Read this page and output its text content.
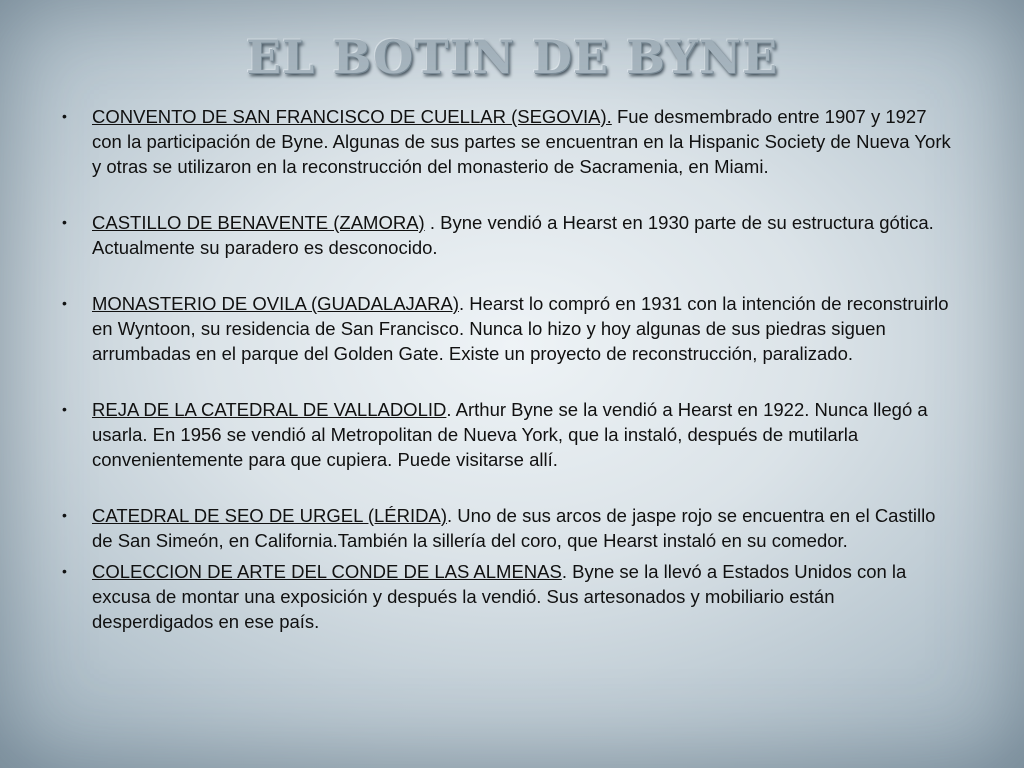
EL BOTIN DE BYNE
• CONVENTO DE SAN FRANCISCO DE CUELLAR (SEGOVIA). Fue desmembrado entre 1907 y 1927 con la participación de Byne. Algunas de sus partes se encuentran en la Hispanic Society de Nueva York y otras se utilizaron en la reconstrucción del monasterio de Sacramenia, en Miami.
• CASTILLO DE BENAVENTE (ZAMORA) . Byne vendió a Hearst en 1930 parte de su estructura gótica. Actualmente su paradero es desconocido.
• MONASTERIO DE OVILA (GUADALAJARA). Hearst lo compró en 1931 con la intención de reconstruirlo en Wyntoon, su residencia de San Francisco. Nunca lo hizo y hoy algunas de sus piedras siguen arrumbadas en el parque del Golden Gate. Existe un proyecto de reconstrucción, paralizado.
• REJA DE LA CATEDRAL DE VALLADOLID. Arthur Byne se la vendió a Hearst en 1922. Nunca llegó a usarla. En 1956 se vendió al Metropolitan de Nueva York, que la instaló, después de mutilarla convenientemente para que cupiera. Puede visitarse allí.
• CATEDRAL DE SEO DE URGEL (LÉRIDA). Uno de sus arcos de jaspe rojo se encuentra en el Castillo de San Simeón, en California.También la sillería del coro, que Hearst instaló en su comedor.
• COLECCION DE ARTE DEL CONDE DE LAS ALMENAS. Byne se la llevó a Estados Unidos con la excusa de montar una exposición y después la vendió. Sus artesonados y mobiliario están desperdigados en ese país.
